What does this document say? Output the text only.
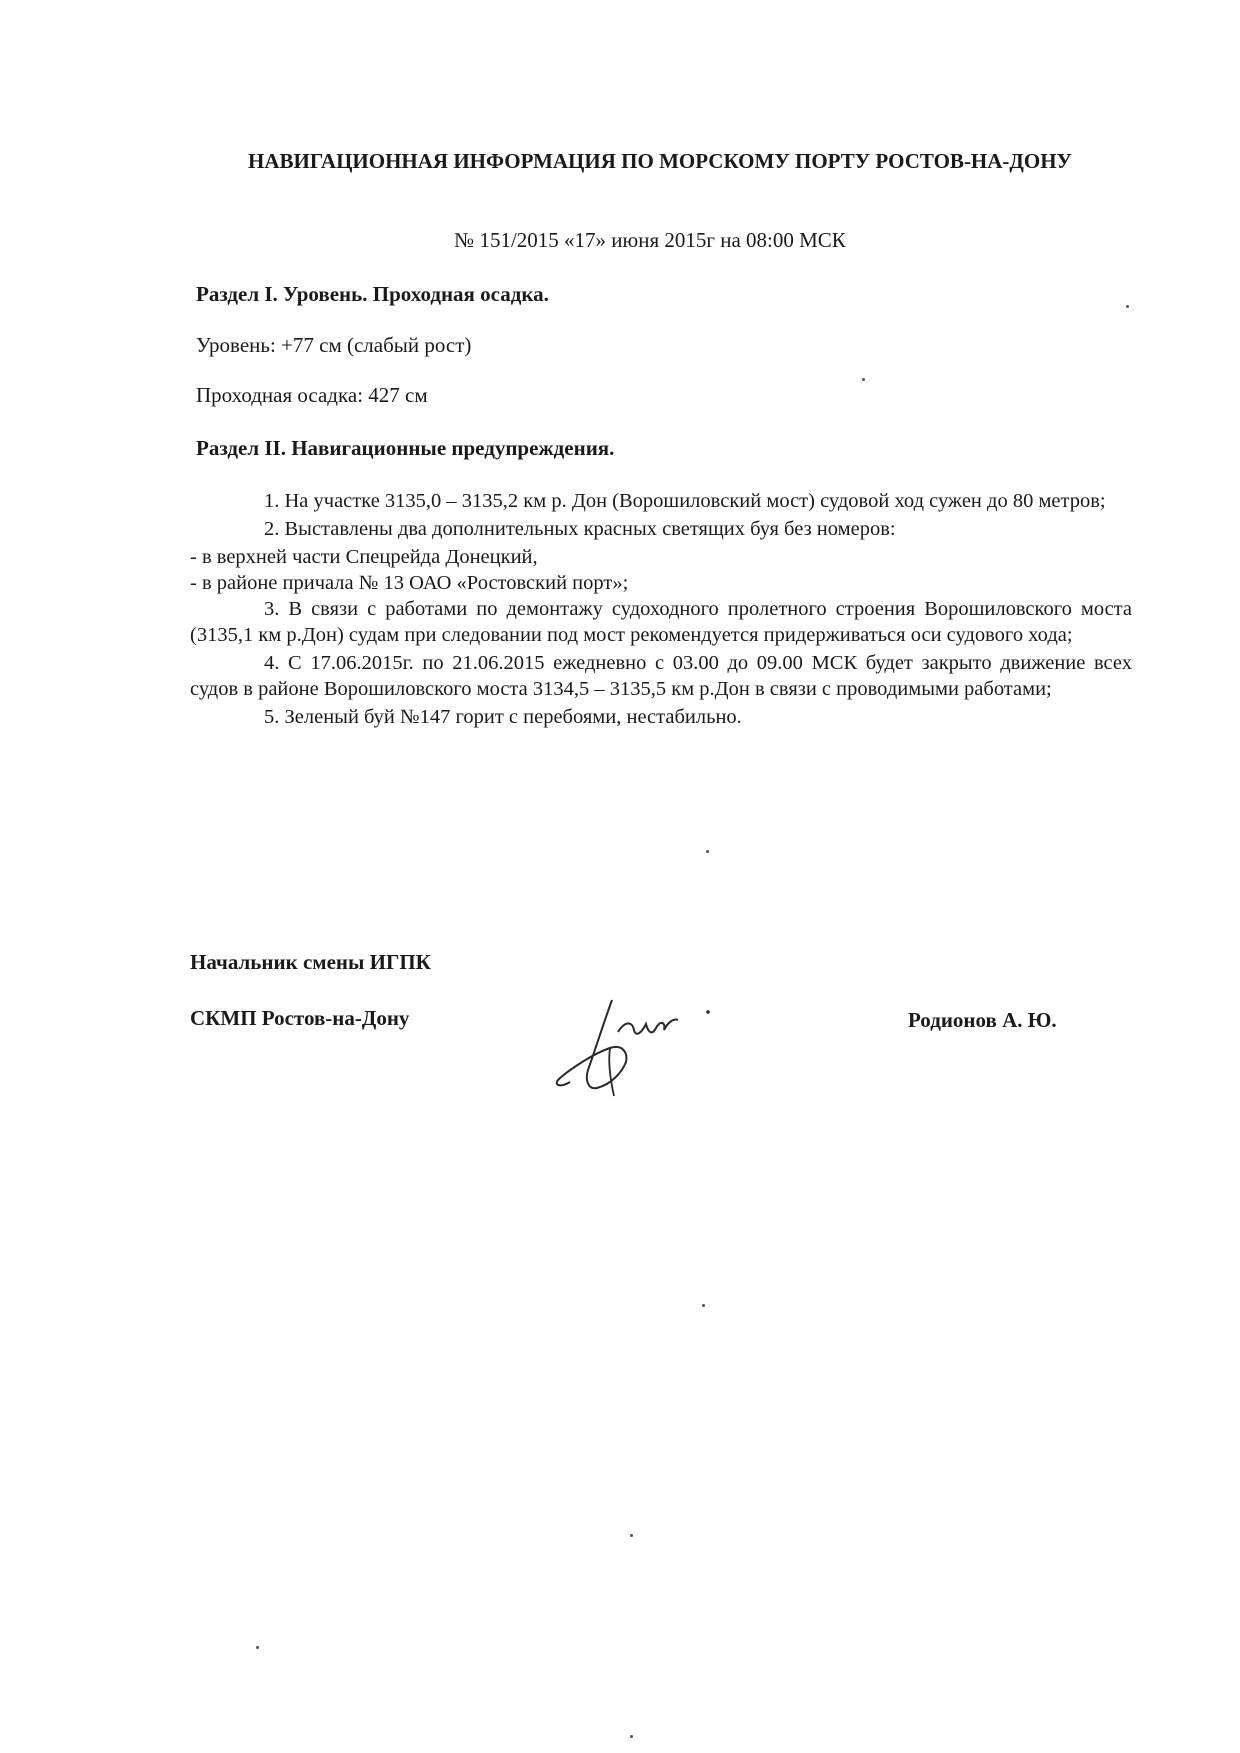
НАВИГАЦИОННАЯ ИНФОРМАЦИЯ ПО МОРСКОМУ ПОРТУ РОСТОВ-НА-ДОНУ
№ 151/2015 «17» июня 2015г на 08:00 МСК
Раздел I. Уровень. Проходная осадка.
Уровень: +77 см (слабый рост)
Проходная осадка: 427 см
Раздел II. Навигационные предупреждения.

1. На участке 3135,0 – 3135,2 км р. Дон (Ворошиловский мост) судовой ход сужен до 80 метров;

2. Выставлены два дополнительных красных светящих буя без номеров:

- в верхней части Спецрейда Донецкий,

- в районе причала № 13 ОАО «Ростовский порт»;

3. В связи с работами по демонтажу судоходного пролетного строения Ворошиловского моста (3135,1 км р.Дон) судам при следовании под мост рекомендуется придерживаться оси судового хода;

4. С 17.06.2015г. по 21.06.2015 ежедневно с 03.00 до 09.00 МСК будет закрыто движение всех судов в районе Ворошиловского моста 3134,5 – 3135,5 км р.Дон в связи с проводимыми работами;

5. Зеленый буй №147 горит с перебоями, нестабильно.

Начальник смены ИГПК
СКМП Ростов-на-Дону	Родионов А. Ю.
